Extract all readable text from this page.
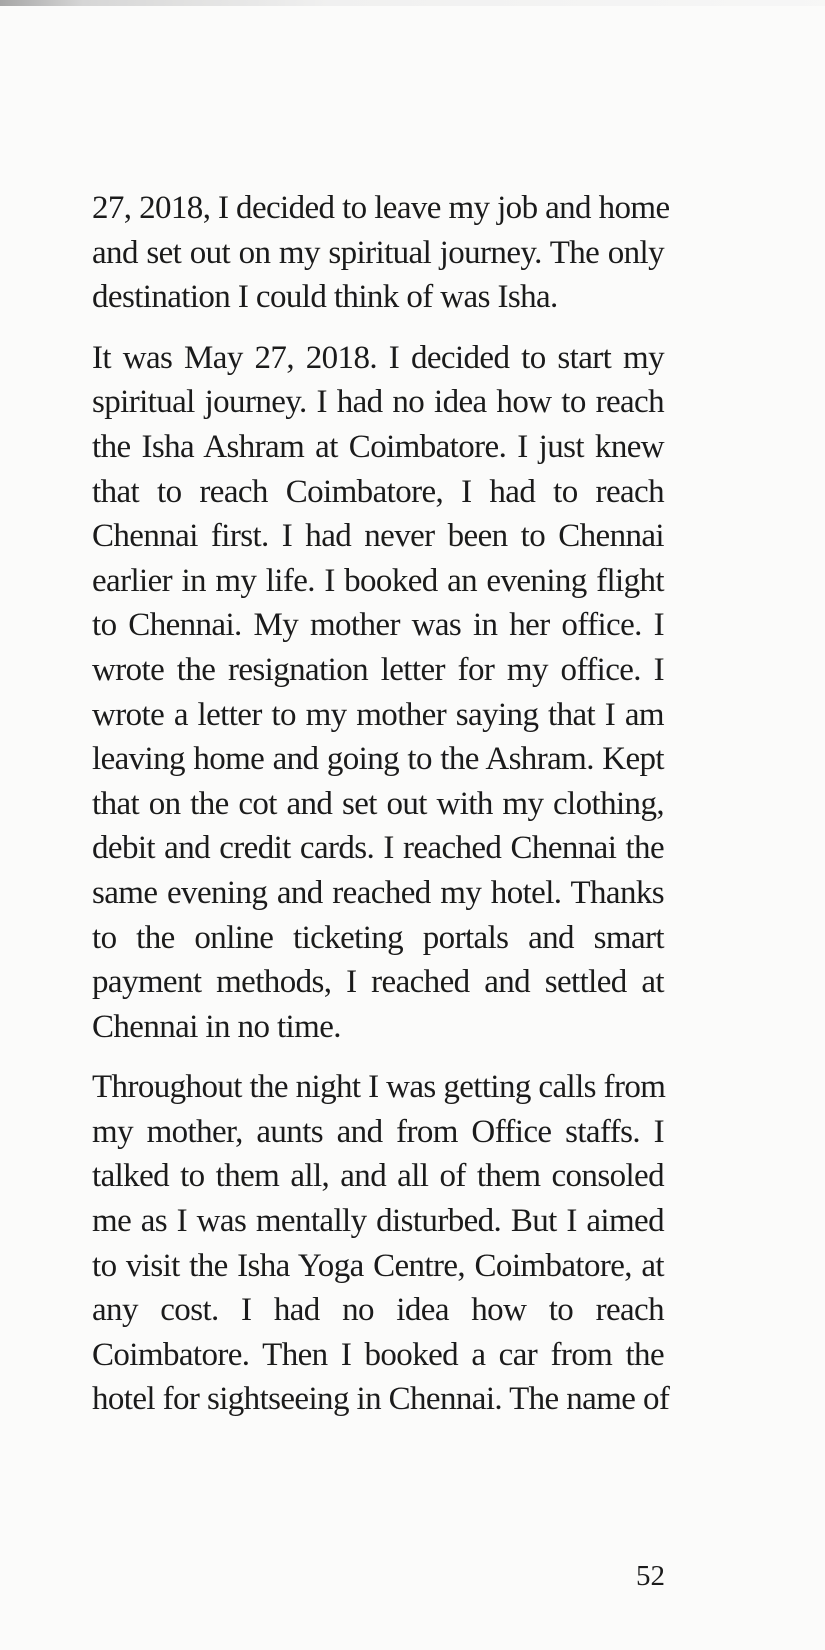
27, 2018, I decided to leave my job and home
and set out on my spiritual journey. The only
destination I could think of was Isha.

It was May 27, 2018. I decided to start my
spiritual journey. I had no idea how to reach
the Isha Ashram at Coimbatore. I just knew
that to reach Coimbatore, I had to reach
Chennai first. I had never been to Chennai
earlier in my life. I booked an evening flight
to Chennai. My mother was in her office. I
wrote the resignation letter for my office. I
wrote a letter to my mother saying that I am
leaving home and going to the Ashram. Kept
that on the cot and set out with my clothing,
debit and credit cards. I reached Chennai the
same evening and reached my hotel. Thanks
to the online ticketing portals and smart
payment methods, I reached and settled at
Chennai in no time.

Throughout the night I was getting calls from
my mother, aunts and from Office staffs. I
talked to them all, and all of them consoled
me as I was mentally disturbed. But I aimed
to visit the Isha Yoga Centre, Coimbatore, at
any cost. I had no idea how to reach
Coimbatore. Then I booked a car from the
hotel for sightseeing in Chennai. The name of

52
